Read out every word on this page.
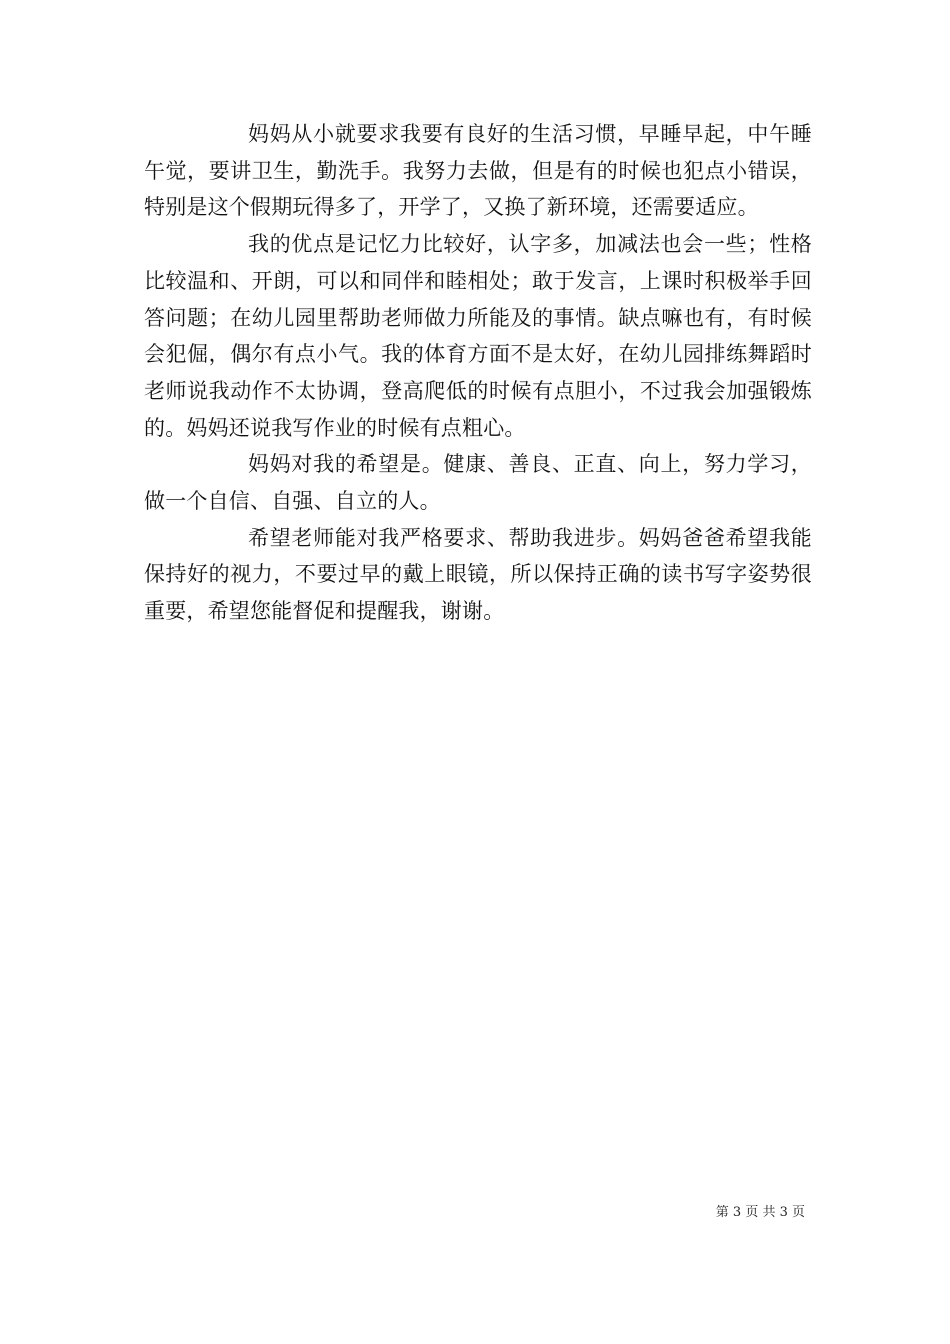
妈妈从小就要求我要有良好的生活习惯，早睡早起，中午睡午觉，要讲卫生，勤洗手。我努力去做，但是有的时候也犯点小错误，特别是这个假期玩得多了，开学了，又换了新环境，还需要适应。

我的优点是记忆力比较好，认字多，加减法也会一些；性格比较温和、开朗，可以和同伴和睦相处；敢于发言，上课时积极举手回答问题；在幼儿园里帮助老师做力所能及的事情。缺点嘛也有，有时候会犯倔，偶尔有点小气。我的体育方面不是太好，在幼儿园排练舞蹈时老师说我动作不太协调，登高爬低的时候有点胆小，不过我会加强锻炼的。妈妈还说我写作业的时候有点粗心。

妈妈对我的希望是。健康、善良、正直、向上，努力学习，做一个自信、自强、自立的人。

希望老师能对我严格要求、帮助我进步。妈妈爸爸希望我能保持好的视力，不要过早的戴上眼镜，所以保持正确的读书写字姿势很重要，希望您能督促和提醒我，谢谢。

第 3 页 共 3 页
